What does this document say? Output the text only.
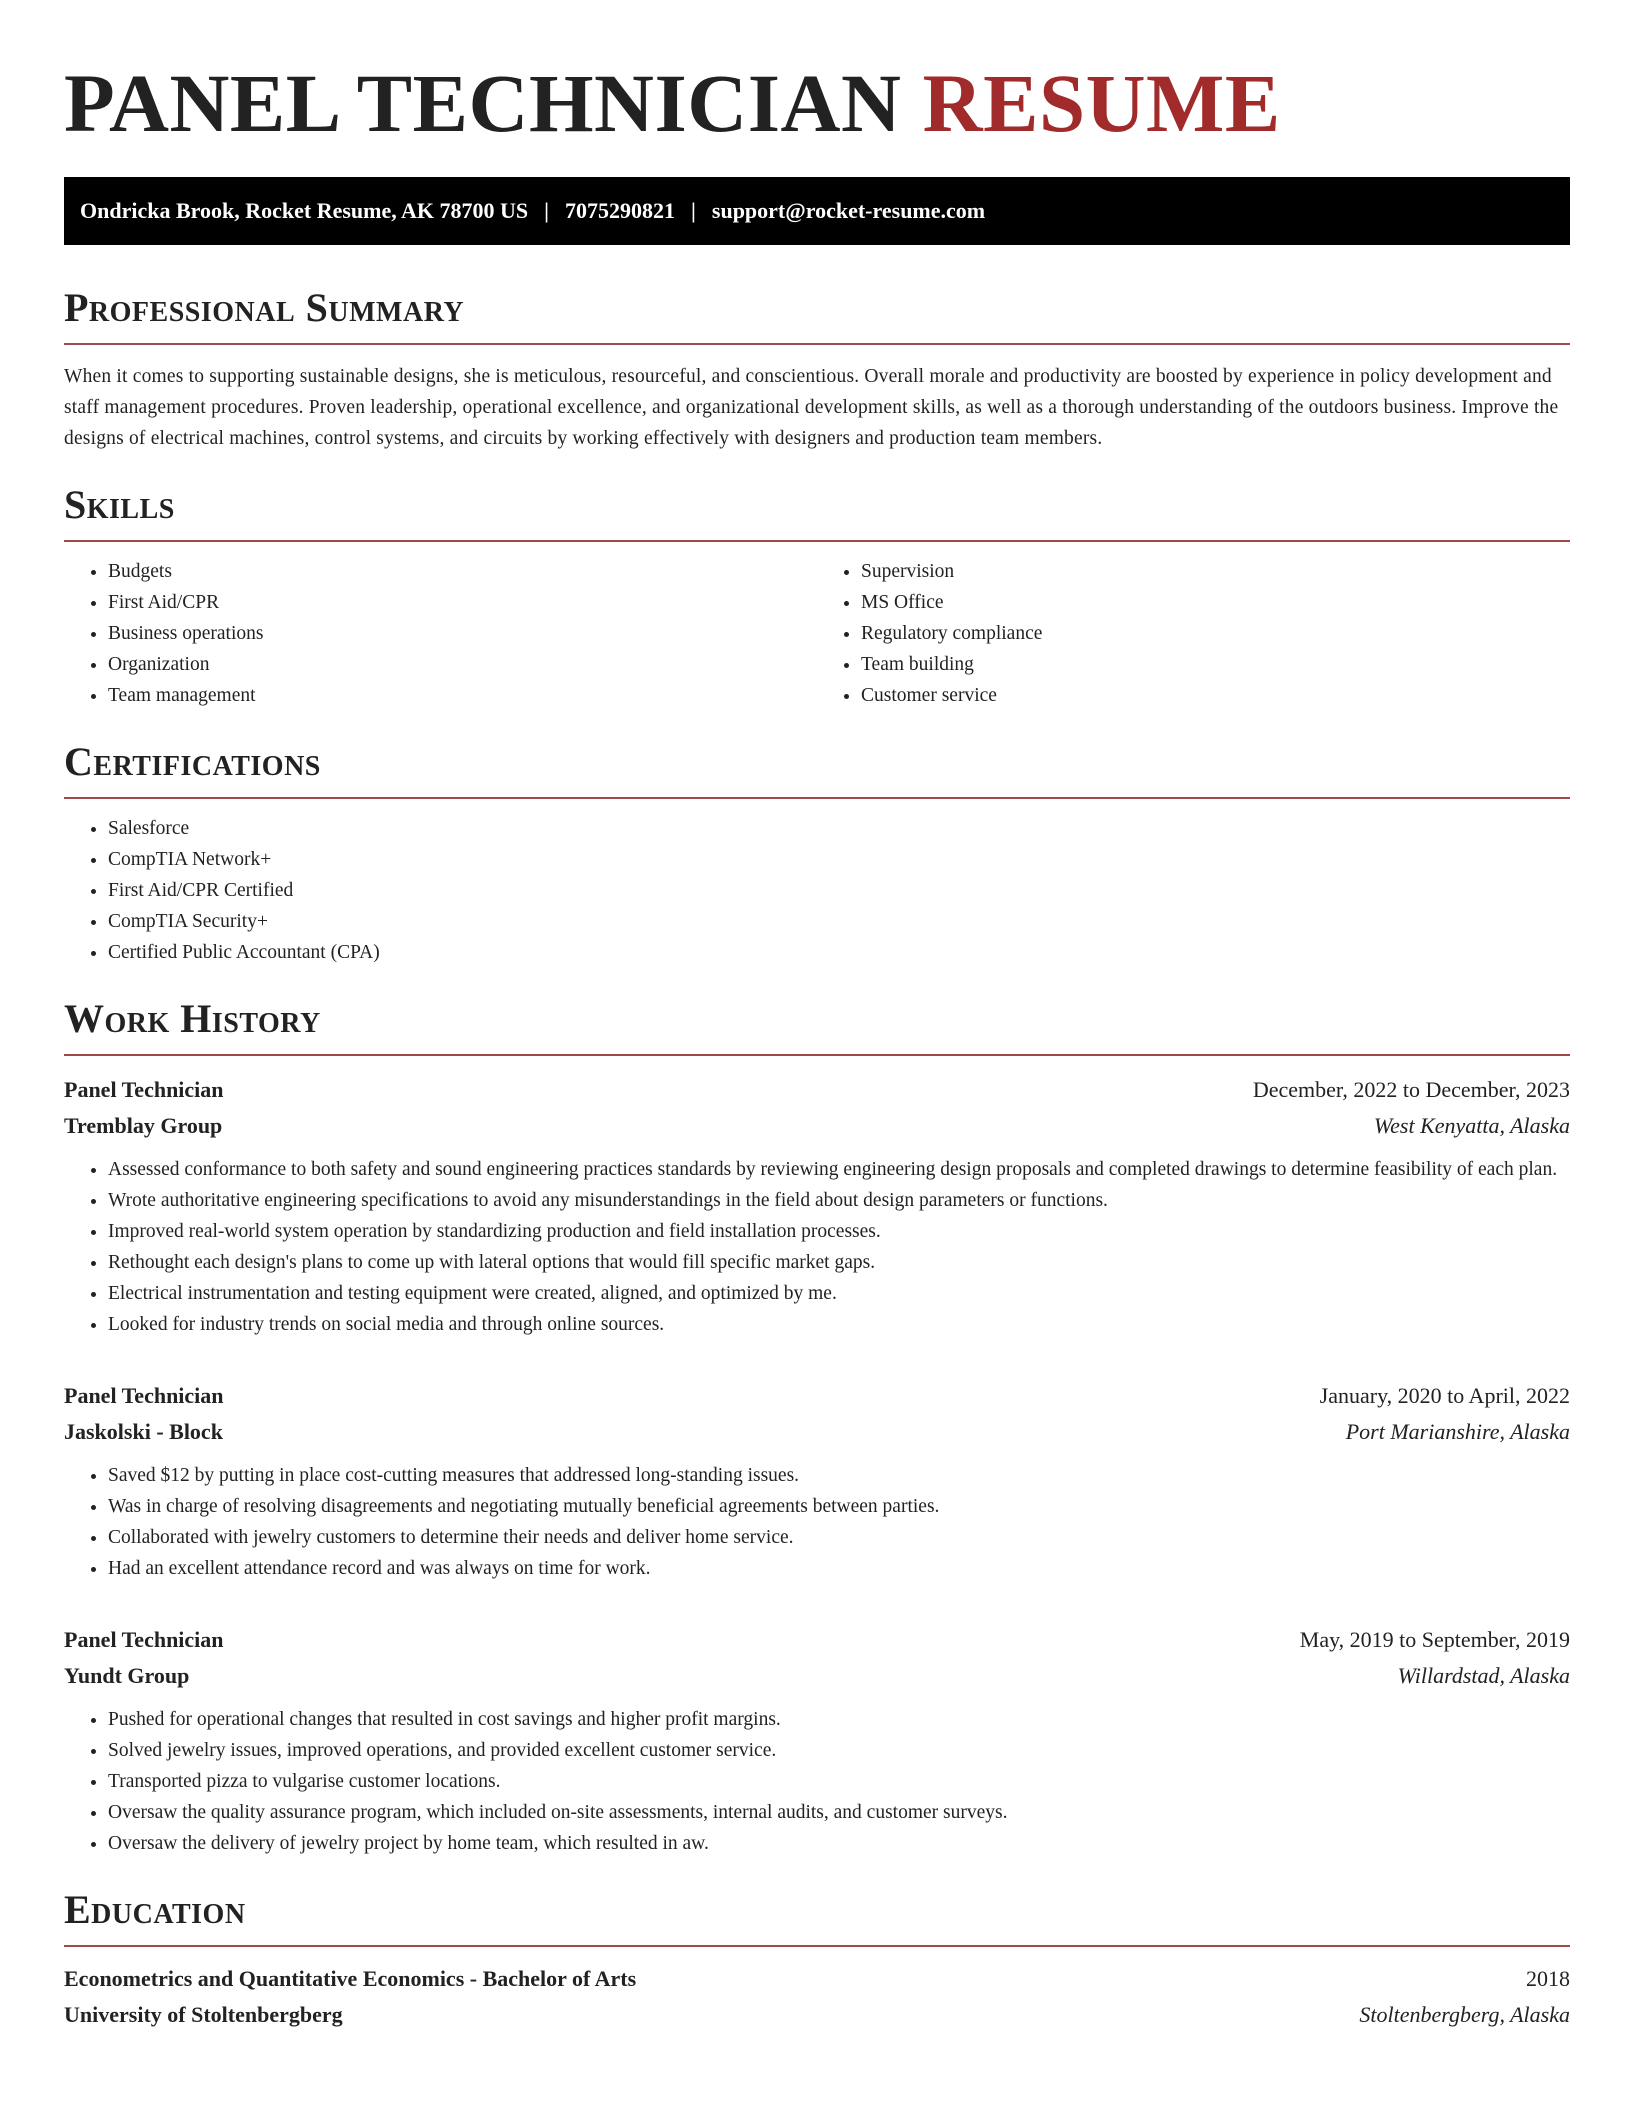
PANEL TECHNICIAN RESUME
Ondricka Brook, Rocket Resume, AK 78700 US | 7075290821 | support@rocket-resume.com
Professional Summary

When it comes to supporting sustainable designs, she is meticulous, resourceful, and conscientious. Overall morale and productivity are boosted by experience in policy development and staff management procedures. Proven leadership, operational excellence, and organizational development skills, as well as a thorough understanding of the outdoors business. Improve the designs of electrical machines, control systems, and circuits by working effectively with designers and production team members.

Skills
• Budgets
• First Aid/CPR
• Business operations
• Organization
• Team management
• Supervision
• MS Office
• Regulatory compliance
• Team building
• Customer service
Certifications
• Salesforce
• CompTIA Network+
• First Aid/CPR Certified
• CompTIA Security+
• Certified Public Accountant (CPA)
Work History
Panel Technician	December, 2022 to December, 2023
Tremblay Group	West Kenyatta, Alaska
• Assessed conformance to both safety and sound engineering practices standards by reviewing engineering design proposals and completed drawings to determine feasibility of each plan.
• Wrote authoritative engineering specifications to avoid any misunderstandings in the field about design parameters or functions.
• Improved real-world system operation by standardizing production and field installation processes.
• Rethought each design's plans to come up with lateral options that would fill specific market gaps.
• Electrical instrumentation and testing equipment were created, aligned, and optimized by me.
• Looked for industry trends on social media and through online sources.
Panel Technician	January, 2020 to April, 2022
Jaskolski - Block	Port Marianshire, Alaska
• Saved $12 by putting in place cost-cutting measures that addressed long-standing issues.
• Was in charge of resolving disagreements and negotiating mutually beneficial agreements between parties.
• Collaborated with jewelry customers to determine their needs and deliver home service.
• Had an excellent attendance record and was always on time for work.
Panel Technician	May, 2019 to September, 2019
Yundt Group	Willardstad, Alaska
• Pushed for operational changes that resulted in cost savings and higher profit margins.
• Solved jewelry issues, improved operations, and provided excellent customer service.
• Transported pizza to vulgarise customer locations.
• Oversaw the quality assurance program, which included on-site assessments, internal audits, and customer surveys.
• Oversaw the delivery of jewelry project by home team, which resulted in aw.
Education
Econometrics and Quantitative Economics - Bachelor of Arts	2018
University of Stoltenbergberg	Stoltenbergberg, Alaska
